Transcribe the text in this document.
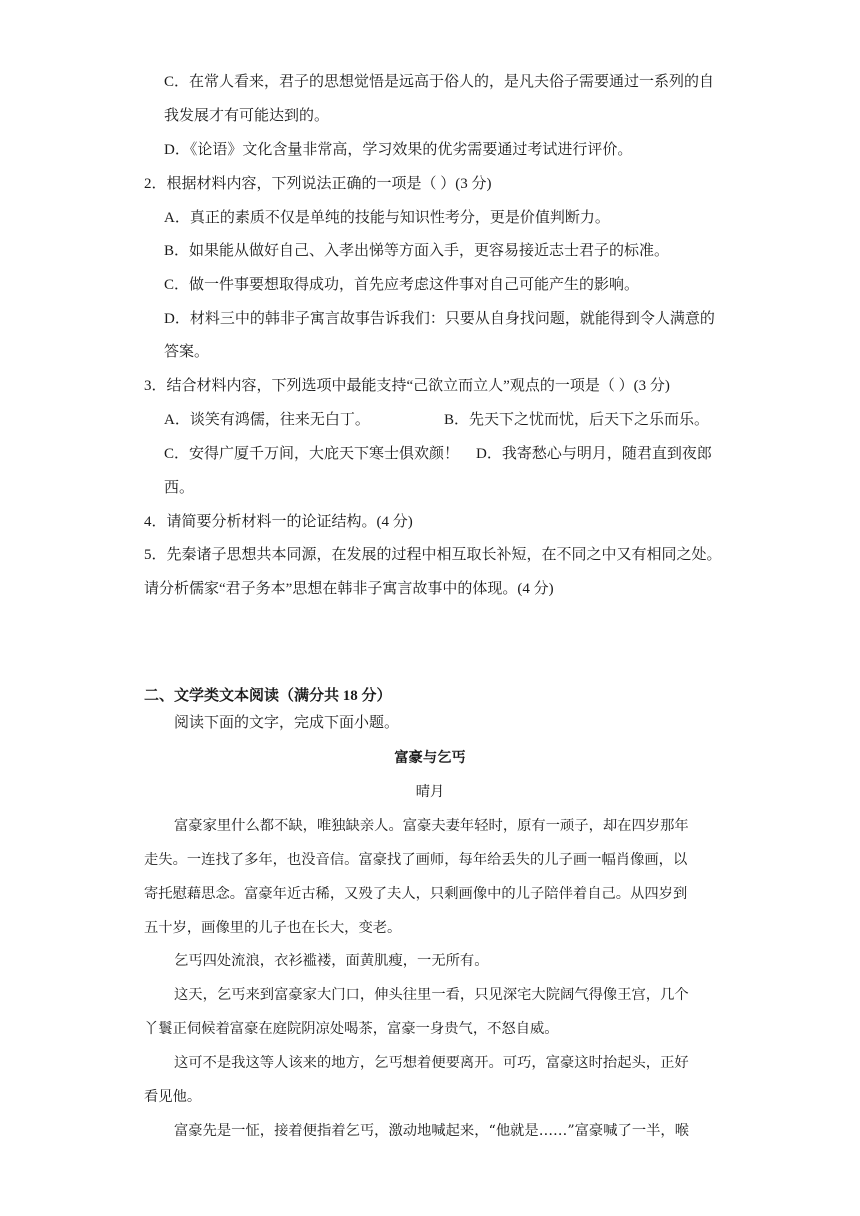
C．在常人看来，君子的思想觉悟是远高于俗人的，是凡夫俗子需要通过一系列的自
我发展才有可能达到的。
D．《论语》文化含量非常高，学习效果的优劣需要通过考试进行评价。
2．根据材料内容，下列说法正确的一项是（ ）(3 分)
A．真正的素质不仅是单纯的技能与知识性考分，更是价值判断力。
B．如果能从做好自己、入孝出悌等方面入手，更容易接近志士君子的标准。
C．做一件事要想取得成功，首先应考虑这件事对自己可能产生的影响。
D．材料三中的韩非子寓言故事告诉我们：只要从自身找问题，就能得到令人满意的
答案。
3．结合材料内容，下列选项中最能支持“己欲立而立人”观点的一项是（ ）(3 分)
A．谈笑有鸿儒，往来无白丁。	B．先天下之忧而忧，后天下之乐而乐。
C．安得广厦千万间，大庇天下寒士俱欢颜！ D．我寄愁心与明月，随君直到夜郎
西。
4．请简要分析材料一的论证结构。(4 分)
5．先秦诸子思想共本同源，在发展的过程中相互取长补短，在不同之中又有相同之处。
请分析儒家“君子务本”思想在韩非子寓言故事中的体现。(4 分)
二、文学类文本阅读（满分共 18 分）
阅读下面的文字，完成下面小题。
富豪与乞丐
晴月
富豪家里什么都不缺，唯独缺亲人。富豪夫妻年轻时，原有一顽子，却在四岁那年
走失。一连找了多年，也没音信。富豪找了画师，每年给丢失的儿子画一幅肖像画，以
寄托慰藉思念。富豪年近古稀，又殁了夫人，只剩画像中的儿子陪伴着自己。从四岁到
五十岁，画像里的儿子也在长大，变老。
乞丐四处流浪，衣衫褴褛，面黄肌瘦，一无所有。
这天，乞丐来到富豪家大门口，伸头往里一看，只见深宅大院阔气得像王宫，几个
丫鬟正伺候着富豪在庭院阴凉处喝茶，富豪一身贵气，不怒自威。
这可不是我这等人该来的地方，乞丐想着便要离开。可巧，富豪这时抬起头，正好
看见他。
富豪先是一怔，接着便指着乞丐，激动地喊起来，“他就是……”富豪喊了一半，喉
